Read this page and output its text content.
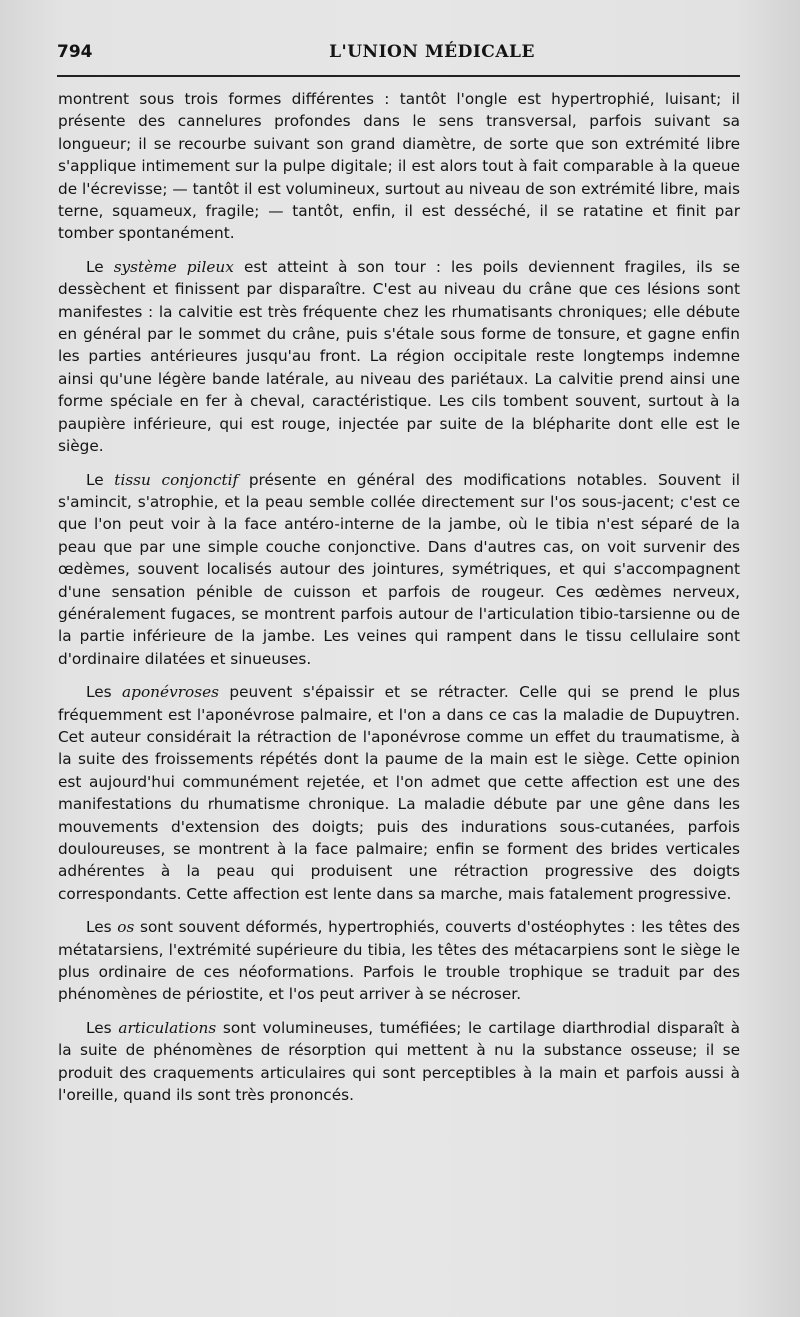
794	L'UNION MÉDICALE

montrent sous trois formes différentes : tantôt l'ongle est hypertrophié, luisant; il présente des cannelures profondes dans le sens transversal, parfois suivant sa longueur; il se recourbe suivant son grand diamètre, de sorte que son extrémité libre s'applique intimement sur la pulpe digitale; il est alors tout à fait comparable à la queue de l'écrevisse; — tantôt il est volumineux, surtout au niveau de son extrémité libre, mais terne, squameux, fragile; — tantôt, enfin, il est desséché, il se ratatine et finit par tomber spontanément.

Le système pileux est atteint à son tour : les poils deviennent fragiles, ils se dessèchent et finissent par disparaître. C'est au niveau du crâne que ces lésions sont manifestes : la calvitie est très fréquente chez les rhumatisants chroniques; elle débute en général par le sommet du crâne, puis s'étale sous forme de tonsure, et gagne enfin les parties antérieures jusqu'au front. La région occipitale reste longtemps indemne ainsi qu'une légère bande latérale, au niveau des pariétaux. La calvitie prend ainsi une forme spéciale en fer à cheval, caractéristique. Les cils tombent souvent, surtout à la paupière inférieure, qui est rouge, injectée par suite de la blépharite dont elle est le siège.

Le tissu conjonctif présente en général des modifications notables. Souvent il s'amincit, s'atrophie, et la peau semble collée directement sur l'os sous-jacent; c'est ce que l'on peut voir à la face antéro-interne de la jambe, où le tibia n'est séparé de la peau que par une simple couche conjonctive. Dans d'autres cas, on voit survenir des œdèmes, souvent localisés autour des jointures, symétriques, et qui s'accompagnent d'une sensation pénible de cuisson et parfois de rougeur. Ces œdèmes nerveux, généralement fugaces, se montrent parfois autour de l'articulation tibio-tarsienne ou de la partie inférieure de la jambe. Les veines qui rampent dans le tissu cellulaire sont d'ordinaire dilatées et sinueuses.

Les aponévroses peuvent s'épaissir et se rétracter. Celle qui se prend le plus fréquemment est l'aponévrose palmaire, et l'on a dans ce cas la maladie de Dupuytren. Cet auteur considérait la rétraction de l'aponévrose comme un effet du traumatisme, à la suite des froissements répétés dont la paume de la main est le siège. Cette opinion est aujourd'hui communément rejetée, et l'on admet que cette affection est une des manifestations du rhumatisme chronique. La maladie débute par une gêne dans les mouvements d'extension des doigts; puis des indurations sous-cutanées, parfois douloureuses, se montrent à la face palmaire; enfin se forment des brides verticales adhérentes à la peau qui produisent une rétraction progressive des doigts correspondants. Cette affection est lente dans sa marche, mais fatalement progressive.

Les os sont souvent déformés, hypertrophiés, couverts d'ostéophytes : les têtes des métatarsiens, l'extrémité supérieure du tibia, les têtes des métacarpiens sont le siège le plus ordinaire de ces néoformations. Parfois le trouble trophique se traduit par des phénomènes de périostite, et l'os peut arriver à se nécroser.

Les articulations sont volumineuses, tuméfiées; le cartilage diarthrodial disparaît à la suite de phénomènes de résorption qui mettent à nu la substance osseuse; il se produit des craquements articulaires qui sont perceptibles à la main et parfois aussi à l'oreille, quand ils sont très prononcés.
